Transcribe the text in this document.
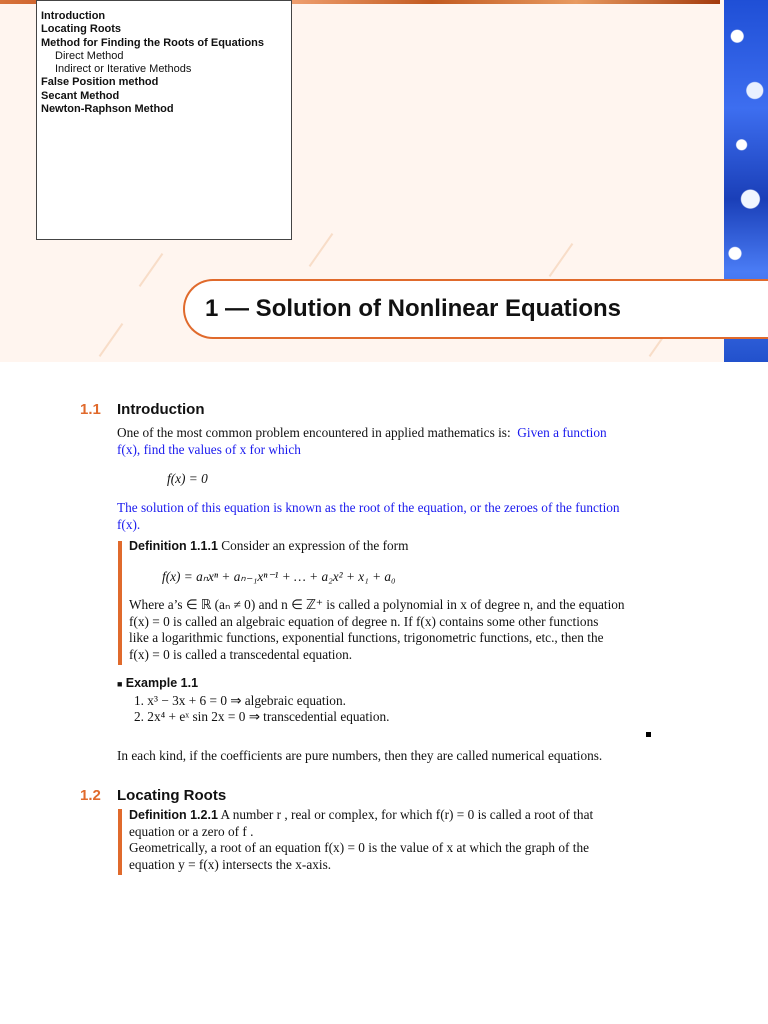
Introduction
Locating Roots
Method for Finding the Roots of Equations
Direct Method
Indirect or Iterative Methods
False Position method
Secant Method
Newton-Raphson Method
1 — Solution of Nonlinear Equations
1.1 Introduction
One of the most common problem encountered in applied mathematics is: Given a function
f(x), find the values of x for which
f(x) = 0
The solution of this equation is known as the root of the equation, or the zeroes of the function
f(x).
Definition 1.1.1 Consider an expression of the form
f(x) = aₙxⁿ + aₙ₋₁xⁿ⁻¹ + … + a₂x² + x₁ + a₀
Where a’s ∈ ℝ (aₙ ≠ 0) and n ∈ ℤ⁺ is called a polynomial in x of degree n, and the equation
f(x) = 0 is called an algebraic equation of degree n. If f(x) contains some other functions
like a logarithmic functions, exponential functions, trigonometric functions, etc., then the
f(x) = 0 is called a transcedental equation.
■ Example 1.1
1. x³ − 3x + 6 = 0 ⇒ algebraic equation.
2. 2x⁴ + eˣ sin 2x = 0 ⇒ transcedential equation.
In each kind, if the coefficients are pure numbers, then they are called numerical equations.
1.2 Locating Roots
Definition 1.2.1 A number r , real or complex, for which f(r) = 0 is called a root of that
equation or a zero of f .
Geometrically, a root of an equation f(x) = 0 is the value of x at which the graph of the
equation y = f(x) intersects the x-axis.
